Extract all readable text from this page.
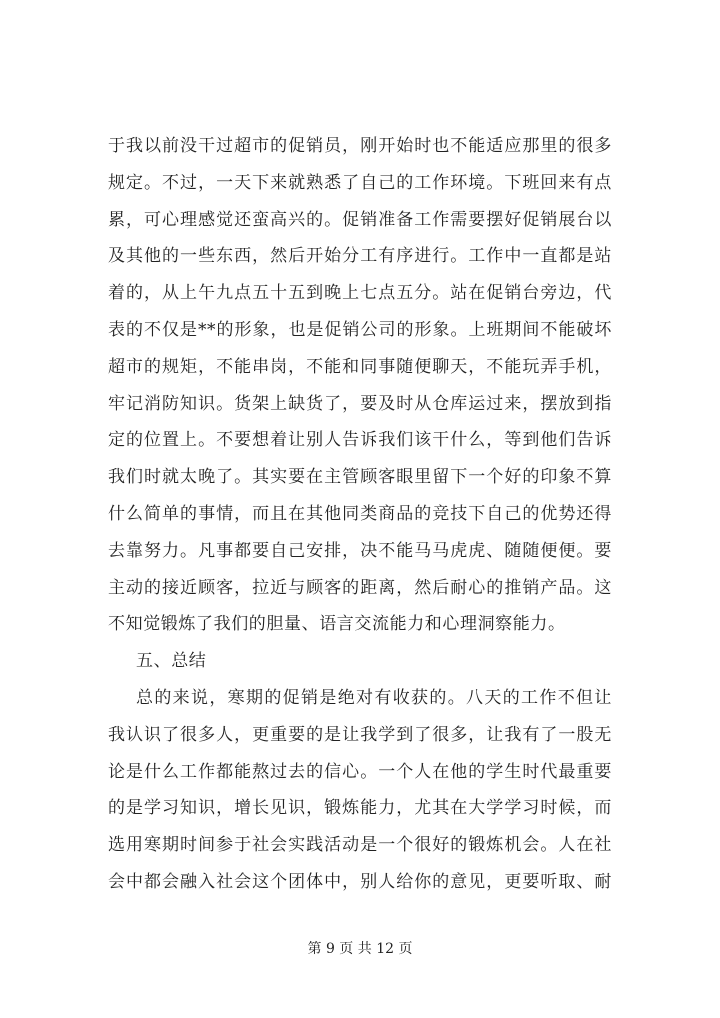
于我以前没干过超市的促销员，刚开始时也不能适应那里的很多
规定。不过，一天下来就熟悉了自己的工作环境。下班回来有点
累，可心理感觉还蛮高兴的。促销准备工作需要摆好促销展台以
及其他的一些东西，然后开始分工有序进行。工作中一直都是站
着的，从上午九点五十五到晚上七点五分。站在促销台旁边，代
表的不仅是**的形象，也是促销公司的形象。上班期间不能破坏
超市的规矩，不能串岗，不能和同事随便聊天，不能玩弄手机，
牢记消防知识。货架上缺货了，要及时从仓库运过来，摆放到指
定的位置上。不要想着让别人告诉我们该干什么，等到他们告诉
我们时就太晚了。其实要在主管顾客眼里留下一个好的印象不算
什么简单的事情，而且在其他同类商品的竞技下自己的优势还得
去靠努力。凡事都要自己安排，决不能马马虎虎、随随便便。要
主动的接近顾客，拉近与顾客的距离，然后耐心的推销产品。这
不知觉锻炼了我们的胆量、语言交流能力和心理洞察能力。
五、总结
总的来说，寒期的促销是绝对有收获的。八天的工作不但让
我认识了很多人，更重要的是让我学到了很多，让我有了一股无
论是什么工作都能熬过去的信心。一个人在他的学生时代最重要
的是学习知识，增长见识，锻炼能力，尤其在大学学习时候，而
选用寒期时间参于社会实践活动是一个很好的锻炼机会。人在社
会中都会融入社会这个团体中，别人给你的意见，更要听取、耐
第 9 页 共 12 页
